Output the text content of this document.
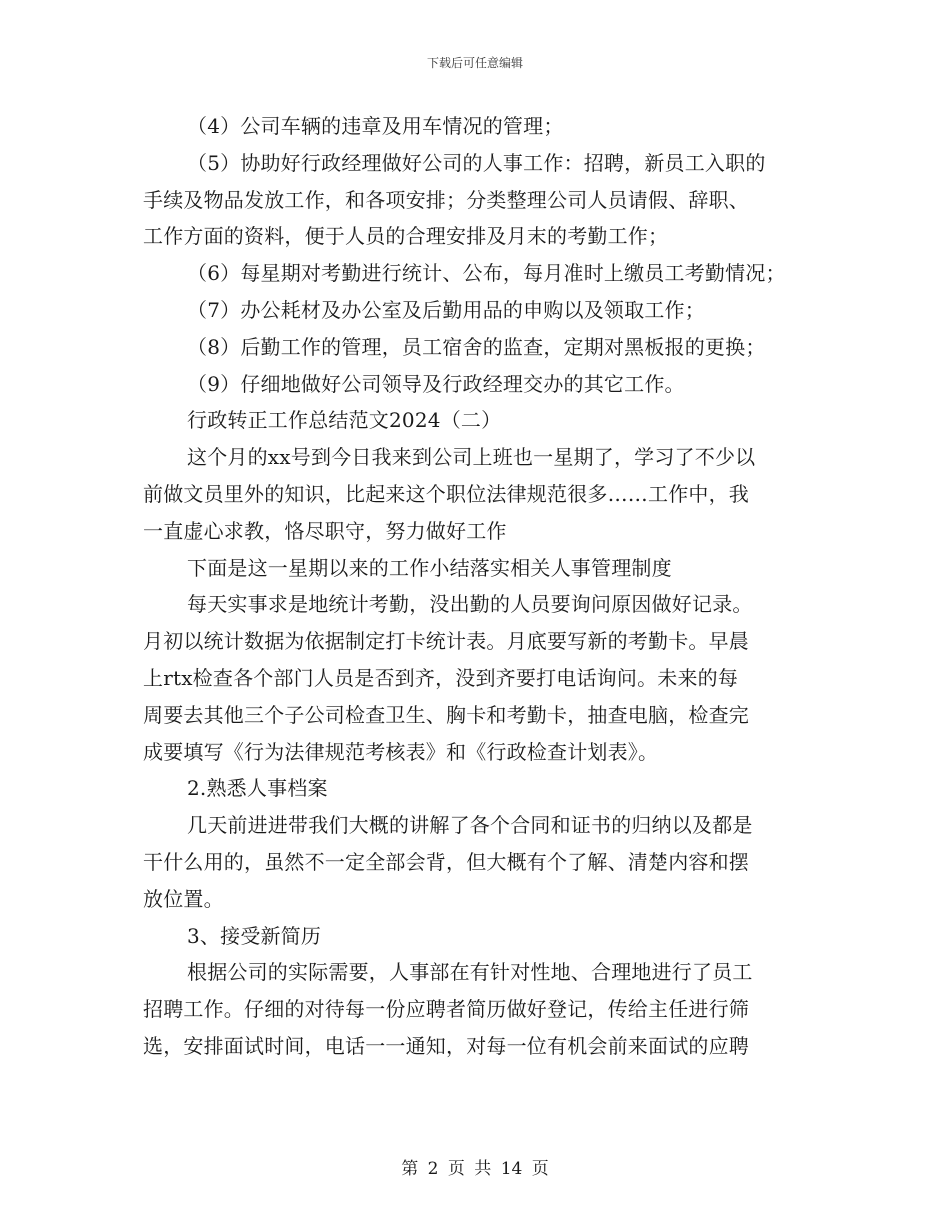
下载后可任意编辑
（4）公司车辆的违章及用车情况的管理；
（5）协助好行政经理做好公司的人事工作：招聘，新员工入职的
手续及物品发放工作，和各项安排；分类整理公司人员请假、辞职、
工作方面的资料，便于人员的合理安排及月末的考勤工作；
（6）每星期对考勤进行统计、公布，每月准时上缴员工考勤情况；
（7）办公耗材及办公室及后勤用品的申购以及领取工作；
（8）后勤工作的管理，员工宿舍的监查，定期对黑板报的更换；
（9）仔细地做好公司领导及行政经理交办的其它工作。
行政转正工作总结范文2024（二）
这个月的xx号到今日我来到公司上班也一星期了，学习了不少以
前做文员里外的知识，比起来这个职位法律规范很多……工作中，我
一直虚心求教，恪尽职守，努力做好工作
下面是这一星期以来的工作小结落实相关人事管理制度
每天实事求是地统计考勤，没出勤的人员要询问原因做好记录。
月初以统计数据为依据制定打卡统计表。月底要写新的考勤卡。早晨
上rtx检查各个部门人员是否到齐，没到齐要打电话询问。未来的每
周要去其他三个子公司检查卫生、胸卡和考勤卡，抽查电脑，检查完
成要填写《行为法律规范考核表》和《行政检查计划表》。
2.熟悉人事档案
几天前进进带我们大概的讲解了各个合同和证书的归纳以及都是
干什么用的，虽然不一定全部会背，但大概有个了解、清楚内容和摆
放位置。
3、接受新简历
根据公司的实际需要，人事部在有针对性地、合理地进行了员工
招聘工作。仔细的对待每一份应聘者简历做好登记，传给主任进行筛
选，安排面试时间，电话一一通知，对每一位有机会前来面试的应聘
第 2 页 共 14 页
